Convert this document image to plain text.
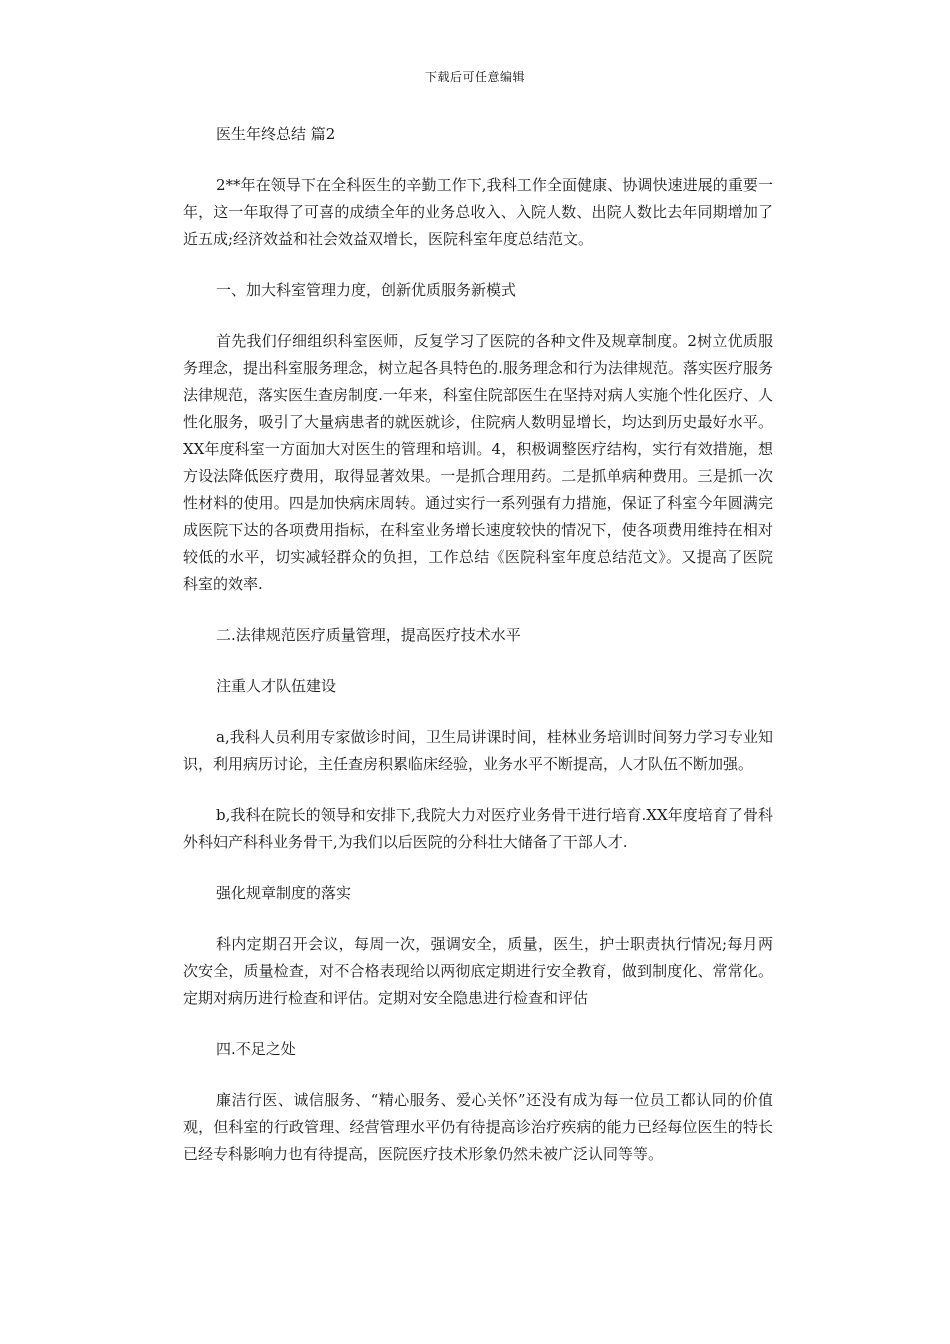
下载后可任意编辑

医生年终总结 篇2

2**年在领导下在全科医生的辛勤工作下,我科工作全面健康、协调快速进展的重要一年，这一年取得了可喜的成绩全年的业务总收入、入院人数、出院人数比去年同期增加了近五成;经济效益和社会效益双增长，医院科室年度总结范文。

一、加大科室管理力度，创新优质服务新模式

首先我们仔细组织科室医师，反复学习了医院的各种文件及规章制度。2树立优质服务理念，提出科室服务理念，树立起各具特色的.服务理念和行为法律规范。落实医疗服务法律规范，落实医生查房制度.一年来，科室住院部医生在坚持对病人实施个性化医疗、人性化服务，吸引了大量病患者的就医就诊，住院病人数明显增长，均达到历史最好水平。XX年度科室一方面加大对医生的管理和培训。4，积极调整医疗结构，实行有效措施，想方设法降低医疗费用，取得显著效果。一是抓合理用药。二是抓单病种费用。三是抓一次性材料的使用。四是加快病床周转。通过实行一系列强有力措施，保证了科室今年圆满完成医院下达的各项费用指标，在科室业务增长速度较快的情况下，使各项费用维持在相对较低的水平，切实减轻群众的负担，工作总结《医院科室年度总结范文》。又提高了医院科室的效率.

二.法律规范医疗质量管理，提高医疗技术水平

注重人才队伍建设

a,我科人员利用专家做诊时间，卫生局讲课时间，桂林业务培训时间努力学习专业知识，利用病历讨论，主任查房积累临床经验，业务水平不断提高，人才队伍不断加强。

b,我科在院长的领导和安排下,我院大力对医疗业务骨干进行培育.XX年度培育了骨科外科妇产科科业务骨干,为我们以后医院的分科壮大储备了干部人才.

强化规章制度的落实

科内定期召开会议，每周一次，强调安全，质量，医生，护士职责执行情况;每月两次安全，质量检查，对不合格表现给以两彻底定期进行安全教育，做到制度化、常常化。定期对病历进行检查和评估。定期对安全隐患进行检查和评估

四.不足之处

廉洁行医、诚信服务、“精心服务、爱心关怀”还没有成为每一位员工都认同的价值观，但科室的行政管理、经营管理水平仍有待提高诊治疗疾病的能力已经每位医生的特长已经专科影响力也有待提高，医院医疗技术形象仍然未被广泛认同等等。
